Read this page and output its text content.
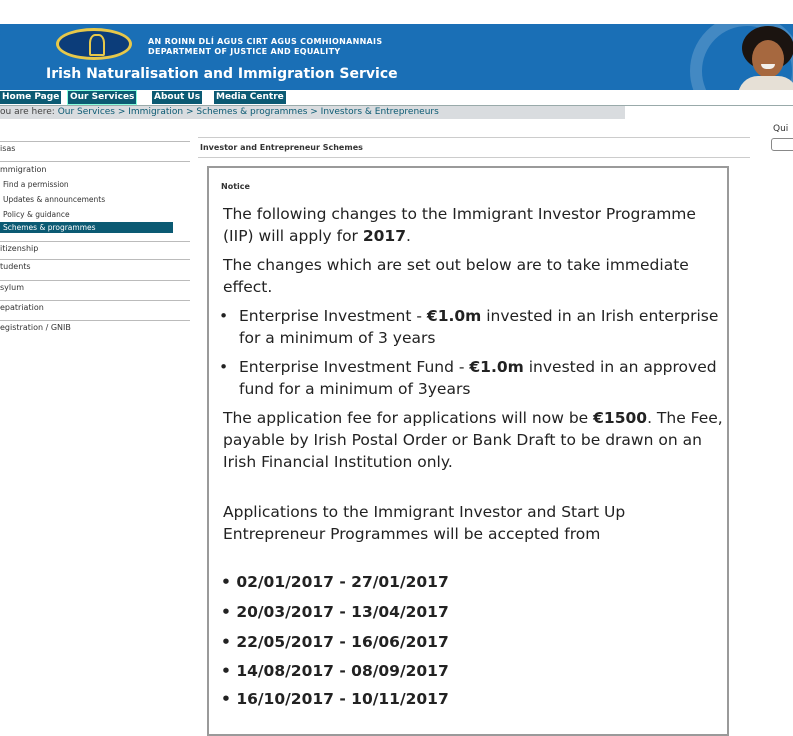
AN ROINN DLÍ AGUS CIRT AGUS COMHIONANNAIS
DEPARTMENT OF JUSTICE AND EQUALITY
Irish Naturalisation and Immigration Service
Home Page Our Services About Us Media Centre
ou are here: Our Services > Immigration > Schemes & programmes > Investors & Entrepreneurs
Qui
isas
mmigration
Find a permission
Updates & announcements
Policy & guidance
Schemes & programmes
itizenship
tudents
sylum
epatriation
egistration / GNIB
Investor and Entrepreneur Schemes
Notice
The following changes to the Immigrant Investor Programme (IIP) will apply for 2017.
The changes which are set out below are to take immediate effect.
• Enterprise Investment - €1.0m invested in an Irish enterprise for a minimum of 3 years
• Enterprise Investment Fund - €1.0m invested in an approved fund for a minimum of 3years
The application fee for applications will now be €1500. The Fee, payable by Irish Postal Order or Bank Draft to be drawn on an Irish Financial Institution only.
Applications to the Immigrant Investor and Start Up Entrepreneur Programmes will be accepted from
• 02/01/2017 - 27/01/2017
• 20/03/2017 - 13/04/2017
• 22/05/2017 - 16/06/2017
• 14/08/2017 - 08/09/2017
• 16/10/2017 - 10/11/2017
